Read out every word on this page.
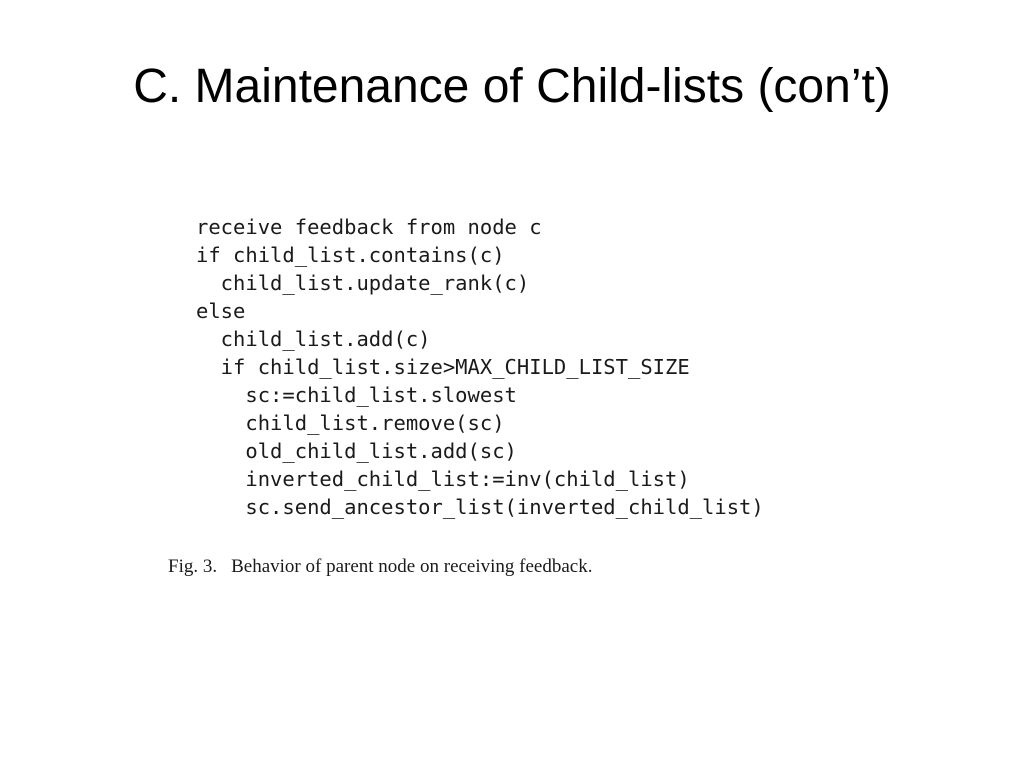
C. Maintenance of Child-lists (con’t)
receive feedback from node c
if child_list.contains(c)
child_list.update_rank(c)
else
child_list.add(c)
if child_list.size>MAX_CHILD_LIST_SIZE
sc:=child_list.slowest
child_list.remove(sc)
old_child_list.add(sc)
inverted_child_list:=inv(child_list)
sc.send_ancestor_list(inverted_child_list)
Fig. 3. Behavior of parent node on receiving feedback.
